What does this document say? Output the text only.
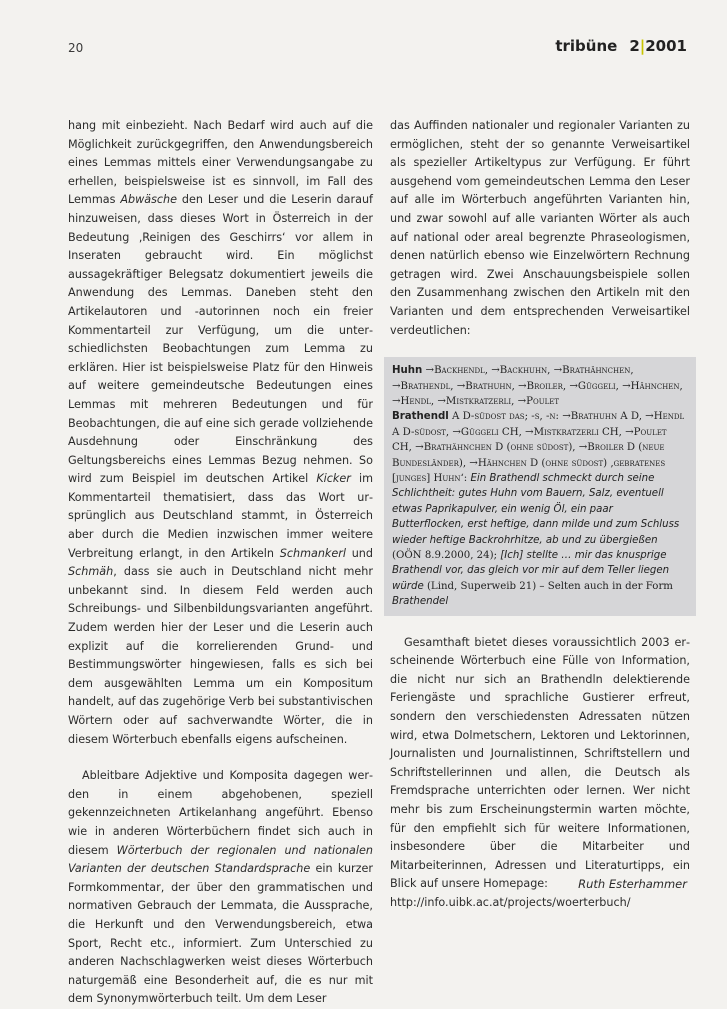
20	tribüne 2|2001

hang mit einbezieht. Nach Bedarf wird auch auf die Möglichkeit zurückgegriffen, den Anwendungsbereich eines Lemmas mittels einer Verwendungsangabe zu erhellen, beispielsweise ist es sinnvoll, im Fall des Lemmas Abwäsche den Leser und die Leserin darauf hinzuweisen, dass dieses Wort in Österreich in der Bedeutung ‚Reinigen des Geschirrs‘ vor allem in Inseraten gebraucht wird. Ein möglichst aussagekräftiger Belegsatz dokumentiert jeweils die Anwendung des Lemmas. Daneben steht den Artikelautoren und -autorinnen noch ein freier Kommentarteil zur Verfügung, um die unterschiedlichsten Beobachtungen zum Lemma zu erklären. Hier ist beispielsweise Platz für den Hinweis auf weitere gemeindeutsche Bedeutungen eines Lemmas mit mehreren Bedeutungen und für Beobachtungen, die auf eine sich gerade vollziehende Ausdehnung oder Einschränkung des Geltungsbereichs eines Lemmas Bezug nehmen. So wird zum Beispiel im deutschen Artikel Kicker im Kommentarteil thematisiert, dass das Wort ursprünglich aus Deutschland stammt, in Österreich aber durch die Medien inzwischen immer weitere Verbreitung erlangt, in den Artikeln Schmankerl und Schmäh, dass sie auch in Deutschland nicht mehr unbekannt sind. In diesem Feld werden auch Schreibungs- und Silbenbildungsvarianten angeführt. Zudem werden hier der Leser und die Leserin auch explizit auf die korrelierenden Grund- und Bestimmungswörter hingewiesen, falls es sich bei dem ausgewählten Lemma um ein Kompositum handelt, auf das zugehörige Verb bei substantivischen Wörtern oder auf sachverwandte Wörter, die in diesem Wörterbuch ebenfalls eigens aufscheinen.

Ableitbare Adjektive und Komposita dagegen werden in einem abgehobenen, speziell gekennzeichneten Artikelanhang angeführt. Ebenso wie in anderen Wörterbüchern findet sich auch in diesem Wörterbuch der regionalen und nationalen Varianten der deutschen Standardsprache ein kurzer Formkommentar, der über den grammatischen und normativen Gebrauch der Lemmata, die Aussprache, die Herkunft und den Verwendungsbereich, etwa Sport, Recht etc., informiert. Zum Unterschied zu anderen Nachschlagwerken weist dieses Wörterbuch naturgemäß eine Besonderheit auf, die es nur mit dem Synonymwörterbuch teilt. Um dem Leser

das Auffinden nationaler und regionaler Varianten zu ermöglichen, steht der so genannte Verweisartikel als spezieller Artikeltypus zur Verfügung. Er führt ausgehend vom gemeindeutschen Lemma den Leser auf alle im Wörterbuch angeführten Varianten hin, und zwar sowohl auf alle varianten Wörter als auch auf national oder areal begrenzte Phraseologismen, denen natürlich ebenso wie Einzelwörtern Rechnung getragen wird. Zwei Anschauungsbeispiele sollen den Zusammenhang zwischen den Artikeln mit den Varianten und dem entsprechenden Verweisartikel verdeutlichen:

Huhn →Backhendl, →Backhuhn, →Brathähnchen, →Brathendl, →Brathuhn, →Broiler, →Güggeli, →Hähnchen, →Hendl, →Mistkratzerli, →Poulet
Brathendl A D-südost das; -s, -n: →Brathuhn A D, →Hendl A D-südost, →Güggeli CH, →Mistkratzerli CH, →Poulet CH, →Brathähnchen D (ohne südost), →Broiler D (neue Bundesländer), →Hähnchen D (ohne südost) ‚gebratenes [junges] Huhn‘: Ein Brathendl schmeckt durch seine Schlichtheit: gutes Huhn vom Bauern, Salz, eventuell etwas Paprikapulver, ein wenig Öl, ein paar Butterflocken, erst heftige, dann milde und zum Schluss wieder heftige Backrohrhitze, ab und zu übergießen (OÖN 8.9.2000, 24); [Ich] stellte … mir das knusprige Brathendl vor, das gleich vor mir auf dem Teller liegen würde (Lind, Superweib 21) – Selten auch in der Form Brathendel

Gesamthaft bietet dieses voraussichtlich 2003 erscheinende Wörterbuch eine Fülle von Information, die nicht nur sich an Brathendln delektierende Feriengäste und sprachliche Gustierer erfreut, sondern den verschiedensten Adressaten nützen wird, etwa Dolmetschern, Lektoren und Lektorinnen, Journalisten und Journalistinnen, Schriftstellern und Schriftstellerinnen und allen, die Deutsch als Fremdsprache unterrichten oder lernen. Wer nicht mehr bis zum Erscheinungstermin warten möchte, für den empfiehlt sich für weitere Informationen, insbesondere über die Mitarbeiter und Mitarbeiterinnen, Adressen und Literaturtipps, ein Blick auf unsere Homepage:

http://info.uibk.ac.at/projects/woerterbuch/
Ruth Esterhammer
